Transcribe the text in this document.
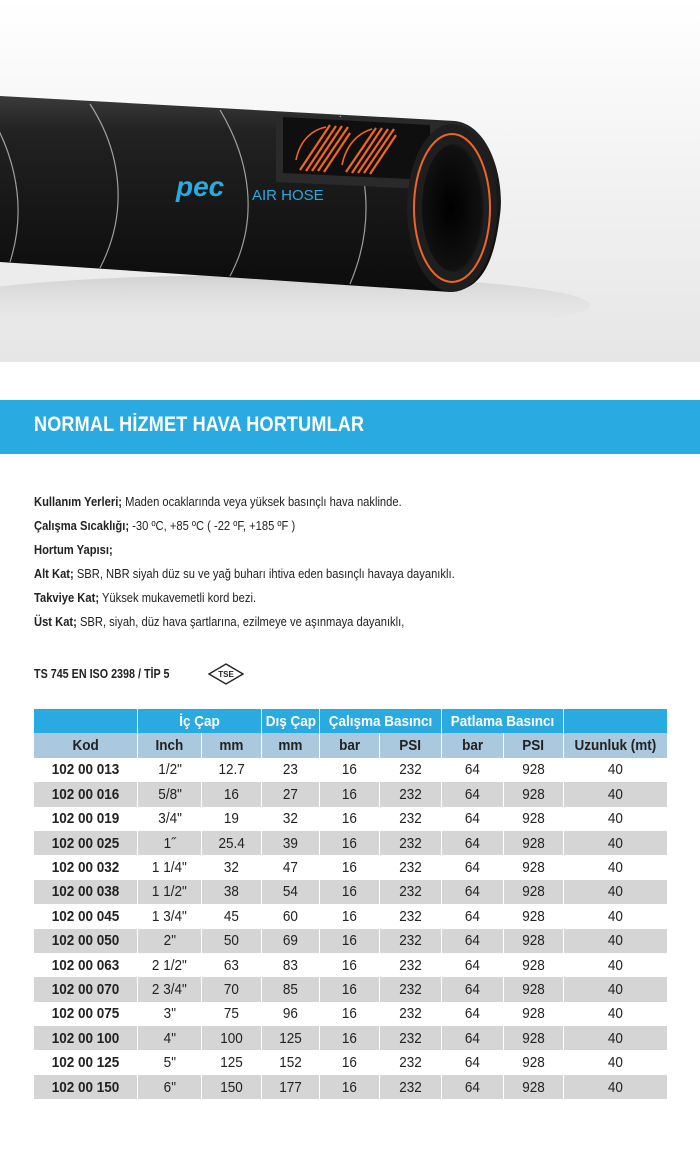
pec AIR HOSE
NORMAL HİZMET HAVA HORTUMLAR
Kullanım Yerleri; Maden ocaklarında veya yüksek basınçlı hava naklinde.
Çalışma Sıcaklığı; -30 ºC, +85 ºC ( -22 ºF, +185 ºF )
Hortum Yapısı;
Alt Kat; SBR, NBR siyah düz su ve yağ buharı ihtiva eden basınçlı havaya dayanıklı.
Takviye Kat; Yüksek mukavemetli kord bezi.
Üst Kat; SBR, siyah, düz hava şartlarına, ezilmeye ve aşınmaya dayanıklı,
TS 745 EN ISO 2398 / TİP 5	TSE
	İç Çap		Dış Çap	Çalışma Basıncı		Patlama Basıncı		
Kod	Inch	mm	mm	bar	PSI	bar	PSI	Uzunluk (mt)
102 00 013	1/2"	12.7	23	16	232	64	928	40
102 00 016	5/8"	16	27	16	232	64	928	40
102 00 019	3/4"	19	32	16	232	64	928	40
102 00 025	1˝	25.4	39	16	232	64	928	40
102 00 032	1 1/4"	32	47	16	232	64	928	40
102 00 038	1 1/2"	38	54	16	232	64	928	40
102 00 045	1 3/4"	45	60	16	232	64	928	40
102 00 050	2"	50	69	16	232	64	928	40
102 00 063	2 1/2"	63	83	16	232	64	928	40
102 00 070	2 3/4"	70	85	16	232	64	928	40
102 00 075	3"	75	96	16	232	64	928	40
102 00 100	4"	100	125	16	232	64	928	40
102 00 125	5"	125	152	16	232	64	928	40
102 00 150	6"	150	177	16	232	64	928	40
